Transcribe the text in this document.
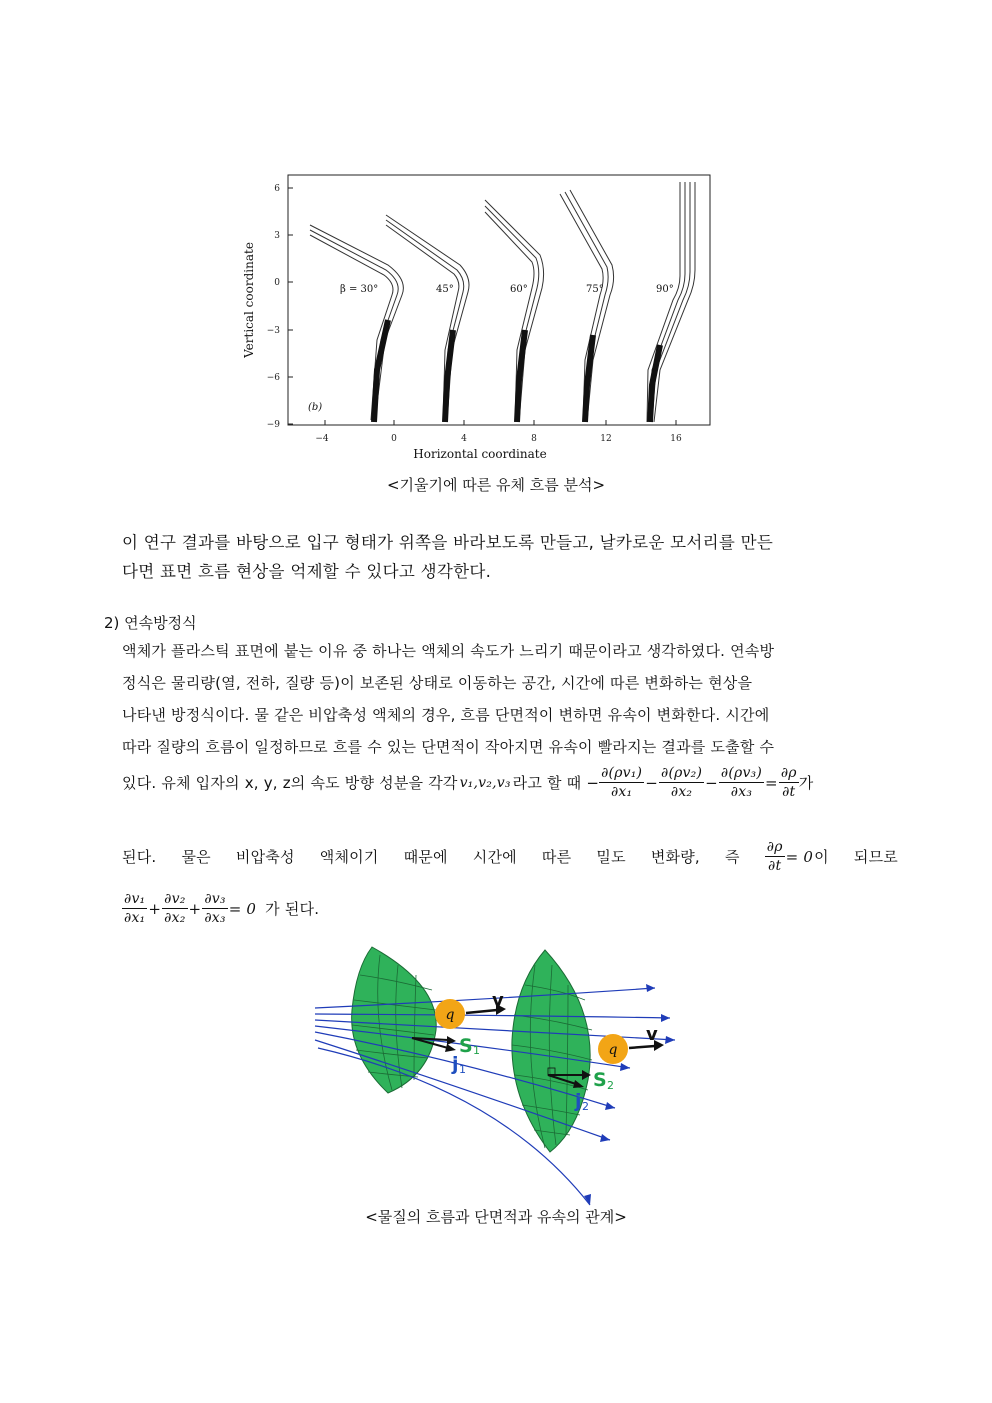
6
3
0
−3
−6
−9
−4	0	4	8	12	16
Horizontal coordinate
Vertical coordinate	β = 30°	45°	60°	75°	90°
(b)
<기울기에 따른 유체 흐름 분석>
이 연구 결과를 바탕으로 입구 형태가 위쪽을 바라보도록 만들고, 날카로운 모서리를 만든
다면 표면 흐름 현상을 억제할 수 있다고 생각한다.
2) 연속방정식
액체가 플라스틱 표면에 붙는 이유 중 하나는 액체의 속도가 느리기 때문이라고 생각하였다. 연속방
정식은 물리량(열, 전하, 질량 등)이 보존된 상태로 이동하는 공간, 시간에 따른 변화하는 현상을
나타낸 방정식이다. 물 같은 비압축성 액체의 경우, 흐름 단면적이 변하면 유속이 변화한다. 시간에
따라 질량의 흐름이 일정하므로 흐를 수 있는 단면적이 작아지면 유속이 빨라지는 결과를 도출할 수
있다. 유체 입자의 x, y, z의 속도 방향 성분을 각각 v₁,v₂,v₃ 라고 할 때 − $\frac{\text{∂(ρv₁)}}{\text{∂x₁}} - \frac{\text{∂(ρv₂)}}{\text{∂x₂}} - \frac{\text{∂(ρv₃)}}{\text{∂x₃}} = \frac{\partial\rho}{\partial t}$ 가
된다. 물은 비압축성 액체이기 때문에 시간에 따른 밀도 변화량, 즉 $\frac{\partial\rho}{\partial t} = 0$ 이 되므로
$\frac{\text{∂v₁}}{\text{∂x₁}} + \frac{\text{∂v₂}}{\text{∂x₂}} + \frac{\text{∂v₃}}{\text{∂x₃}} = 0$ 가 된다.
q
v
q
v
S 1
j 1	S 2
j 2
<물질의 흐름과 단면적과 유속의 관계>
